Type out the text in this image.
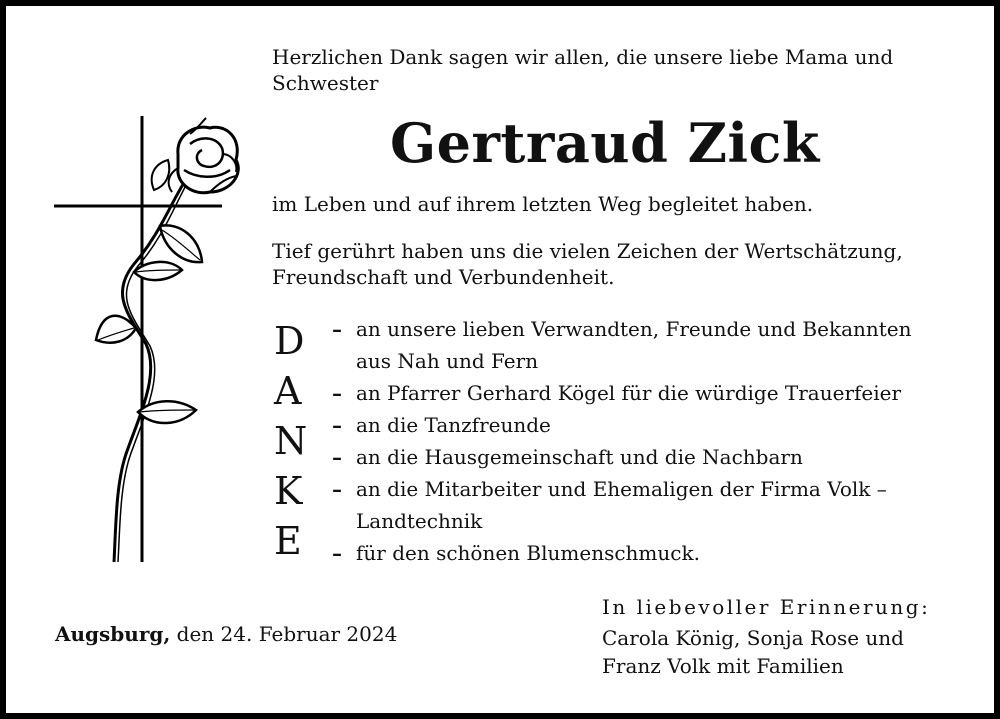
Herzlichen Dank sagen wir allen, die unsere liebe Mama und
Schwester
Gertraud Zick
im Leben und auf ihrem letzten Weg begleitet haben.
Tief gerührt haben uns die vielen Zeichen der Wertschätzung,
Freundschaft und Verbundenheit.
D
A
N
K
E
– an unsere lieben Verwandten, Freunde und Bekannten
aus Nah und Fern
– an Pfarrer Gerhard Kögel für die würdige Trauerfeier
– an die Tanzfreunde
– an die Hausgemeinschaft und die Nachbarn
– an die Mitarbeiter und Ehemaligen der Firma Volk –
Landtechnik
– für den schönen Blumenschmuck.
Augsburg, den 24. Februar 2024
In liebevoller Erinnerung:
Carola König, Sonja Rose und
Franz Volk mit Familien
